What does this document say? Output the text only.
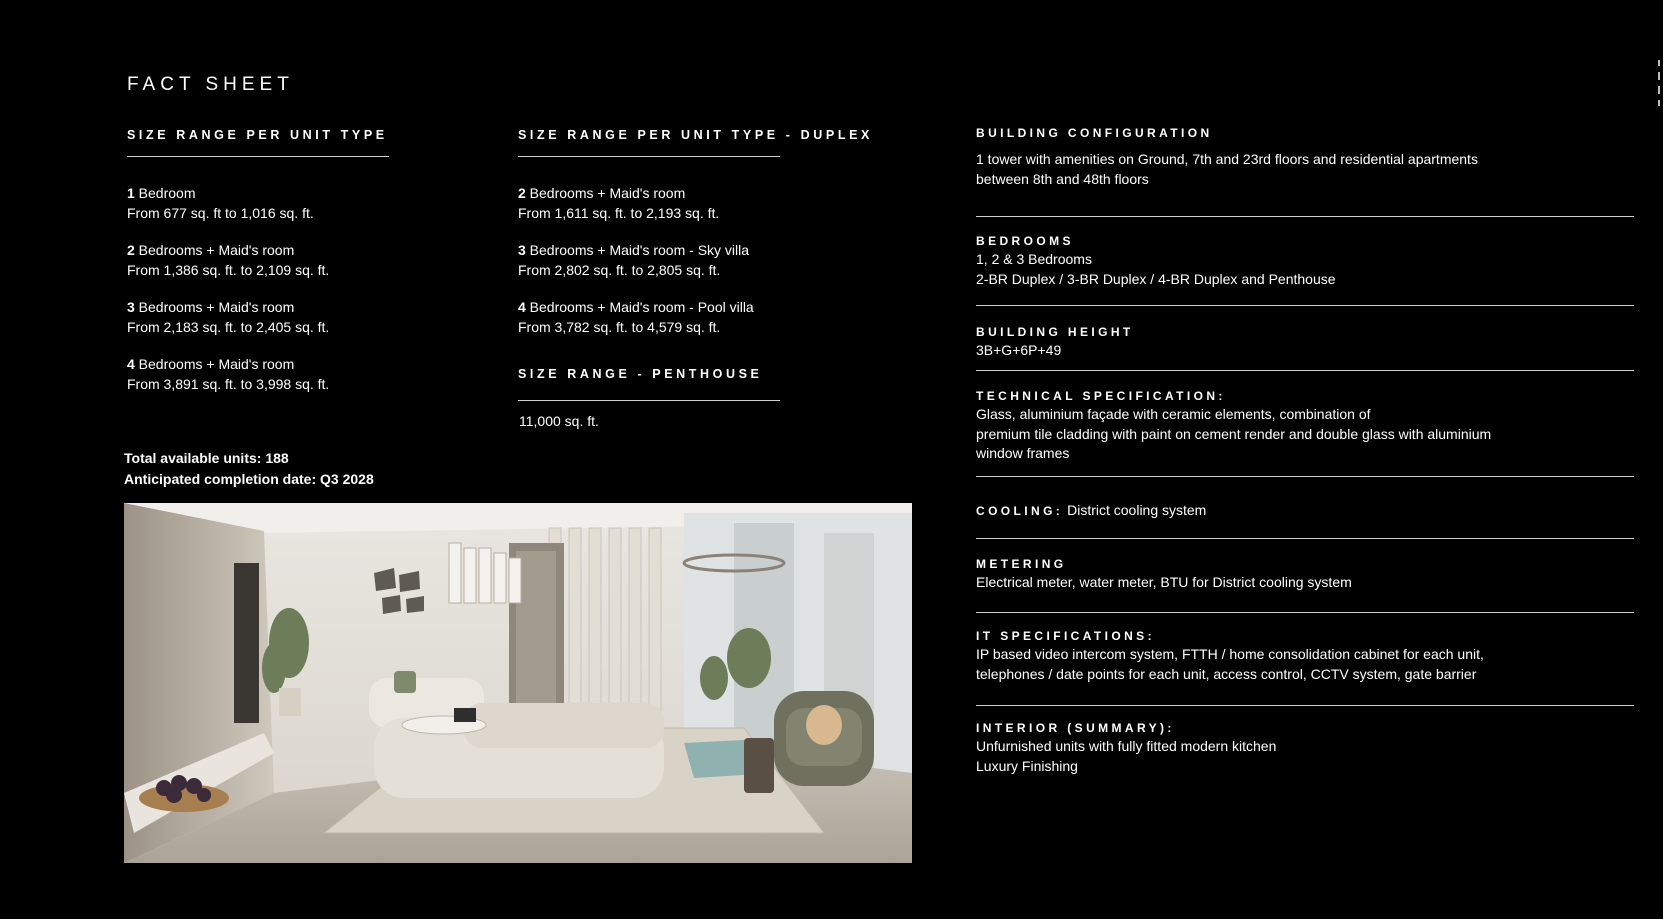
FACT SHEET
SIZE RANGE PER UNIT TYPE
1 Bedroom
From 677 sq. ft to 1,016 sq. ft.
2 Bedrooms + Maid's room
From 1,386 sq. ft. to 2,109 sq. ft.
3 Bedrooms + Maid's room
From 2,183 sq. ft. to 2,405 sq. ft.
4 Bedrooms + Maid's room
From 3,891 sq. ft. to 3,998 sq. ft.
SIZE RANGE PER UNIT TYPE - DUPLEX
2 Bedrooms + Maid's room
From 1,611 sq. ft. to 2,193 sq. ft.
3 Bedrooms + Maid's room - Sky villa
From 2,802 sq. ft. to 2,805 sq. ft.
4 Bedrooms + Maid's room - Pool villa
From 3,782 sq. ft. to 4,579 sq. ft.
SIZE RANGE - PENTHOUSE
11,000 sq. ft.
Total available units: 188
Anticipated completion date: Q3 2028
BUILDING CONFIGURATION
1 tower with amenities on Ground, 7th and 23rd floors and residential apartments
between 8th and 48th floors
BEDROOMS
1, 2 & 3 Bedrooms
2-BR Duplex / 3-BR Duplex / 4-BR Duplex and Penthouse
BUILDING HEIGHT
3B+G+6P+49
TECHNICAL SPECIFICATION:
Glass, aluminium façade with ceramic elements, combination of
premium tile cladding with paint on cement render and double glass with aluminium
window frames
COOLING: District cooling system
METERING
Electrical meter, water meter, BTU for District cooling system
IT SPECIFICATIONS:
IP based video intercom system, FTTH / home consolidation cabinet for each unit,
telephones / date points for each unit, access control, CCTV system, gate barrier
INTERIOR (SUMMARY):
Unfurnished units with fully fitted modern kitchen
Luxury Finishing
